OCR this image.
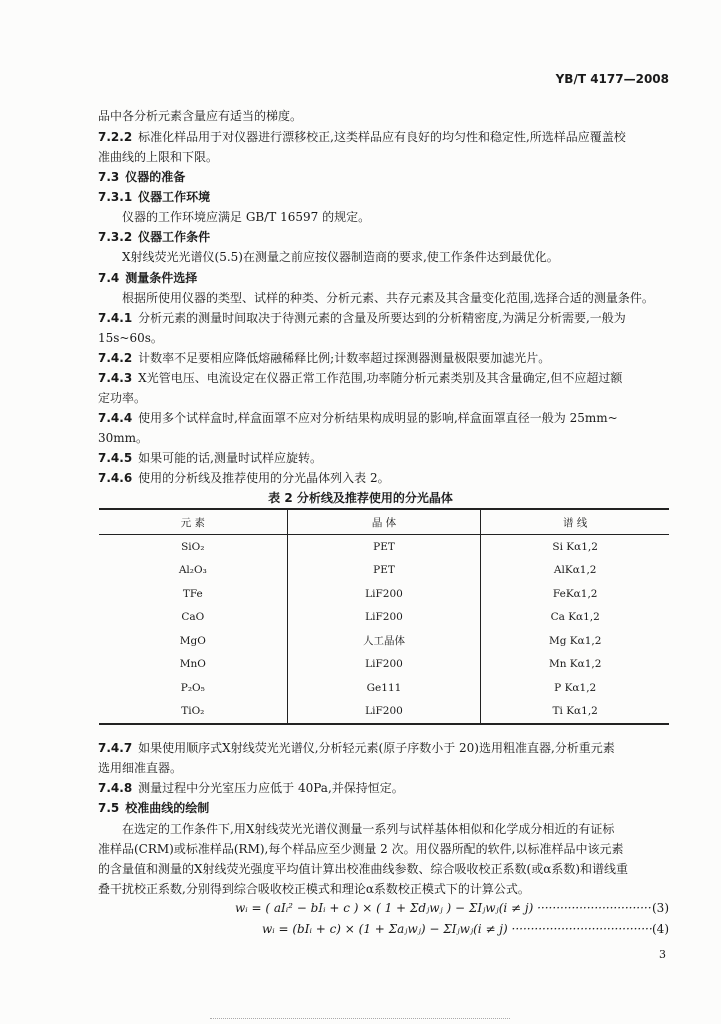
YB/T 4177—2008
品中各分析元素含量应有适当的梯度。
7.2.2 标准化样品用于对仪器进行漂移校正,这类样品应有良好的均匀性和稳定性,所选样品应覆盖校
准曲线的上限和下限。
7.3 仪器的准备
7.3.1 仪器工作环境
仪器的工作环境应满足 GB/T 16597 的规定。
7.3.2 仪器工作条件
X射线荧光光谱仪(5.5)在测量之前应按仪器制造商的要求,使工作条件达到最优化。
7.4 测量条件选择
根据所使用仪器的类型、试样的种类、分析元素、共存元素及其含量变化范围,选择合适的测量条件。
7.4.1 分析元素的测量时间取决于待测元素的含量及所要达到的分析精密度,为满足分析需要,一般为
15s~60s。
7.4.2 计数率不足要相应降低熔融稀释比例;计数率超过探测器测量极限要加滤光片。
7.4.3 X光管电压、电流设定在仪器正常工作范围,功率随分析元素类别及其含量确定,但不应超过额
定功率。
7.4.4 使用多个试样盒时,样盒面罩不应对分析结果构成明显的影响,样盒面罩直径一般为 25mm~
30mm。
7.4.5 如果可能的话,测量时试样应旋转。
7.4.6 使用的分析线及推荐使用的分光晶体列入表 2。
表 2 分析线及推荐使用的分光晶体
元 素	晶 体	谱 线
SiO₂	PET	Si Kα1,2
Al₂O₃	PET	AlKα1,2
TFe	LiF200	FeKα1,2
CaO	LiF200	Ca Kα1,2
MgO	人工晶体	Mg Kα1,2
MnO	LiF200	Mn Kα1,2
P₂O₅	Ge111	P Kα1,2
TiO₂	LiF200	Ti Kα1,2
7.4.7 如果使用顺序式X射线荧光光谱仪,分析轻元素(原子序数小于 20)选用粗准直器,分析重元素
选用细准直器。
7.4.8 测量过程中分光室压力应低于 40Pa,并保持恒定。
7.5 校准曲线的绘制
在选定的工作条件下,用X射线荧光光谱仪测量一系列与试样基体相似和化学成分相近的有证标
准样品(CRM)或标准样品(RM),每个样品应至少测量 2 次。用仪器所配的软件,以标准样品中该元素
的含量值和测量的X射线荧光强度平均值计算出校准曲线参数、综合吸收校正系数(或α系数)和谱线重
叠干扰校正系数,分别得到综合吸收校正模式和理论α系数校正模式下的计算公式。
wᵢ = ( aIᵢ² − bIᵢ + c ) × ( 1 + Σdⱼwⱼ ) − ΣIⱼwⱼ(i ≠ j) ······························ (3)
wᵢ = (bIᵢ + c) × (1 + Σaⱼwⱼ) − ΣIⱼwⱼ(i ≠ j) ····································· (4)
3
